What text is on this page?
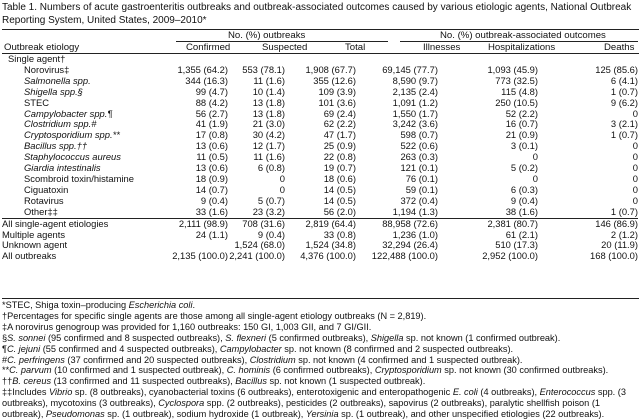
Table 1. Numbers of acute gastroenteritis outbreaks and outbreak-associated outcomes caused by various etiologic agents, National Outbreak Reporting System, United States, 2009–2010*
No. (%) outbreaks	No. (%) outbreak-associated outcomes
Outbreak etiology	Confirmed	Suspected	Total	Illnesses	Hospitalizations	Deaths
Single agent†						
Norovirus‡	1,355 (64.2)	553 (78.1)	1,908 (67.7)	69,145 (77.7)	1,093 (45.9)	125 (85.6)
Salmonella spp.	344 (16.3)	11 (1.6)	355 (12.6)	8,590 (9.7)	773 (32.5)	6 (4.1)
Shigella spp.§	99 (4.7)	10 (1.4)	109 (3.9)	2,135 (2.4)	115 (4.8)	1 (0.7)
STEC	88 (4.2)	13 (1.8)	101 (3.6)	1,091 (1.2)	250 (10.5)	9 (6.2)
Campylobacter spp.¶	56 (2.7)	13 (1.8)	69 (2.4)	1,550 (1.7)	52 (2.2)	0
Clostridium spp.#	41 (1.9)	21 (3.0)	62 (2.2)	3,242 (3.6)	16 (0.7)	3 (2.1)
Cryptosporidium spp.**	17 (0.8)	30 (4.2)	47 (1.7)	598 (0.7)	21 (0.9)	1 (0.7)
Bacillus spp.††	13 (0.6)	12 (1.7)	25 (0.9)	522 (0.6)	3 (0.1)	0
Staphylococcus aureus	11 (0.5)	11 (1.6)	22 (0.8)	263 (0.3)	0	0
Giardia intestinalis	13 (0.6)	6 (0.8)	19 (0.7)	121 (0.1)	5 (0.2)	0
Scombroid toxin/histamine	18 (0.9)	0	18 (0.6)	76 (0.1)	0	0
Ciguatoxin	14 (0.7)	0	14 (0.5)	59 (0.1)	6 (0.3)	0
Rotavirus	9 (0.4)	5 (0.7)	14 (0.5)	372 (0.4)	9 (0.4)	0
Other‡‡	33 (1.6)	23 (3.2)	56 (2.0)	1,194 (1.3)	38 (1.6)	1 (0.7)
All single-agent etiologies	2,111 (98.9)	708 (31.6)	2,819 (64.4)	88,958 (72.6)	2,381 (80.7)	146 (86.9)
Multiple agents	24 (1.1)	9 (0.4)	33 (0.8)	1,236 (1.0)	61 (2.1)	2 (1.2)
Unknown agent		1,524 (68.0)	1,524 (34.8)	32,294 (26.4)	510 (17.3)	20 (11.9)
All outbreaks	2,135 (100.0)	2,241 (100.0)	4,376 (100.0)	122,488 (100.0)	2,952 (100.0)	168 (100.0)
*STEC, Shiga toxin–producing Escherichia coli.
†Percentages for specific single agents are those among all single-agent etiology outbreaks (N = 2,819).
‡A norovirus genogroup was provided for 1,160 outbreaks: 150 GI, 1,003 GII, and 7 GI/GII.
§S. sonnei (95 confirmed and 8 suspected outbreaks), S. flexneri (5 confirmed outbreaks), Shigella sp. not known (1 confirmed outbreak).
¶C. jejuni (55 confirmed and 4 suspected outbreaks), Campylobacter sp. not known (8 confirmed and 2 suspected outbreaks).
#C. perfringens (37 confirmed and 20 suspected outbreaks), Clostridium sp. not known (4 confirmed and 1 suspected outbreak).
**C. parvum (10 confirmed and 1 suspected outbreak), C. hominis (6 confirmed outbreaks), Cryptosporidium sp. not known (30 confirmed outbreaks).
††B. cereus (13 confirmed and 11 suspected outbreaks), Bacillus sp. not known (1 suspected outbreak).
‡‡Includes Vibrio sp. (8 outbreaks), cyanobacterial toxins (6 outbreaks), enterotoxigenic and enteropathogenic E. coli (4 outbreaks), Enterococcus spp. (3
outbreaks), mycotoxins (3 outbreaks), Cyclospora spp. (2 outbreaks), pesticides (2 outbreaks), sapovirus (2 outbreaks), paralytic shellfish poison (1
outbreak), Pseudomonas sp. (1 outbreak), sodium hydroxide (1 outbreak), Yersinia sp. (1 outbreak), and other unspecified etiologies (22 outbreaks).
